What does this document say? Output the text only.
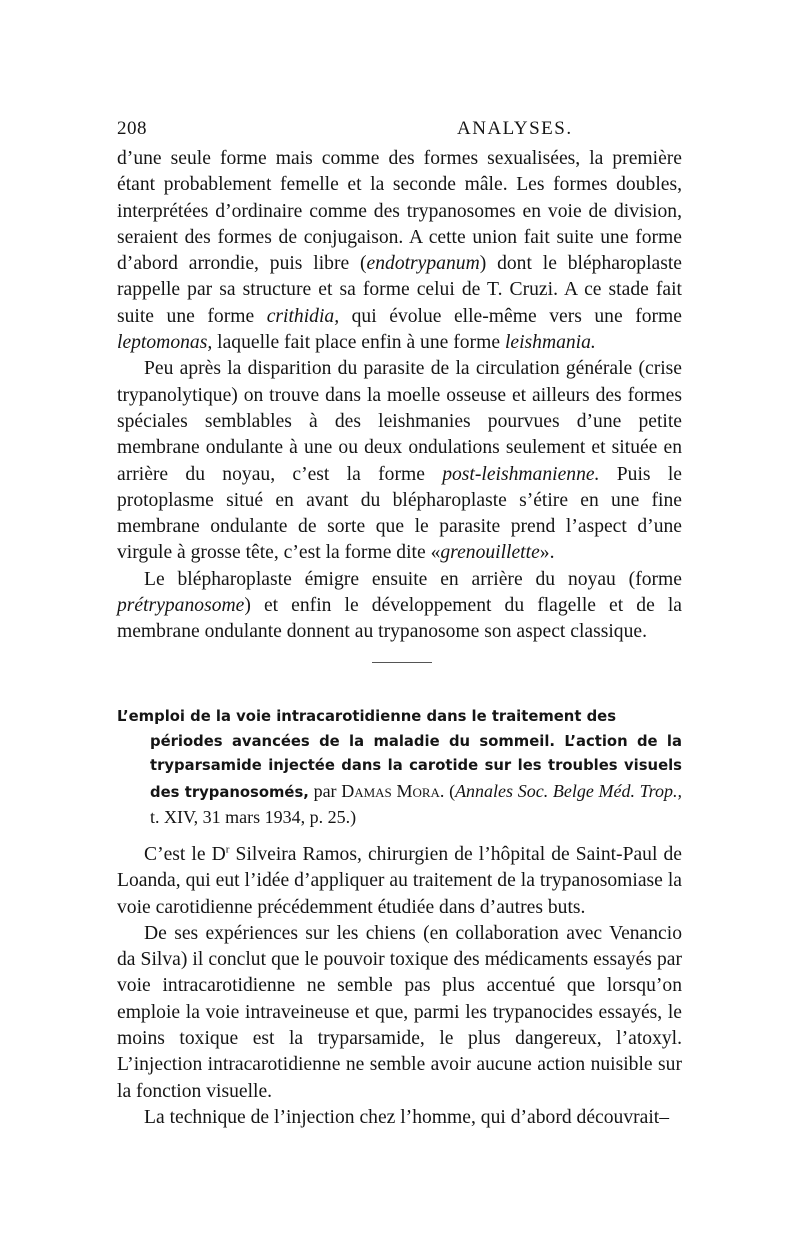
208	ANALYSES.

d’une seule forme mais comme des formes sexualisées, la première étant probablement femelle et la seconde mâle. Les formes doubles, interprétées d’ordinaire comme des trypanosomes en voie de division, seraient des formes de conjugaison. A cette union fait suite une forme d’abord arrondie, puis libre (endotrypanum) dont le blépharoplaste rappelle par sa structure et sa forme celui de T. Cruzi. A ce stade fait suite une forme crithidia, qui évolue elle-même vers une forme leptomonas, laquelle fait place enfin à une forme leishmania.

Peu après la disparition du parasite de la circulation générale (crise trypanolytique) on trouve dans la moelle osseuse et ailleurs des formes spéciales semblables à des leishmanies pourvues d’une petite membrane ondulante à une ou deux ondulations seulement et située en arrière du noyau, c’est la forme post-leishmanienne. Puis le protoplasme situé en avant du blépharoplaste s’étire en une fine membrane ondulante de sorte que le parasite prend l’aspect d’une virgule à grosse tête, c’est la forme dite «grenouillette».

Le blépharoplaste émigre ensuite en arrière du noyau (forme prétrypanosome) et enfin le développement du flagelle et de la membrane ondulante donnent au trypanosome son aspect classique.

L’emploi de la voie intracarotidienne dans le traitement des
périodes avancées de la maladie du sommeil. L’action de la tryparsamide injectée dans la carotide sur les troubles visuels des trypanosomés, par Damas Mora. (Annales Soc. Belge Méd. Trop., t. XIV, 31 mars 1934, p. 25.)

C’est le $D^r$ Silveira Ramos, chirurgien de l’hôpital de Saint-Paul de Loanda, qui eut l’idée d’appliquer au traitement de la trypanosomiase la voie carotidienne précédemment étudiée dans d’autres buts.

De ses expériences sur les chiens (en collaboration avec Venancio da Silva) il conclut que le pouvoir toxique des médicaments essayés par voie intracarotidienne ne semble pas plus accentué que lorsqu’on emploie la voie intraveineuse et que, parmi les trypanocides essayés, le moins toxique est la tryparsamide, le plus dangereux, l’atoxyl. L’injection intracarotidienne ne semble avoir aucune action nuisible sur la fonction visuelle.

La technique de l’injection chez l’homme, qui d’abord découvrait–
